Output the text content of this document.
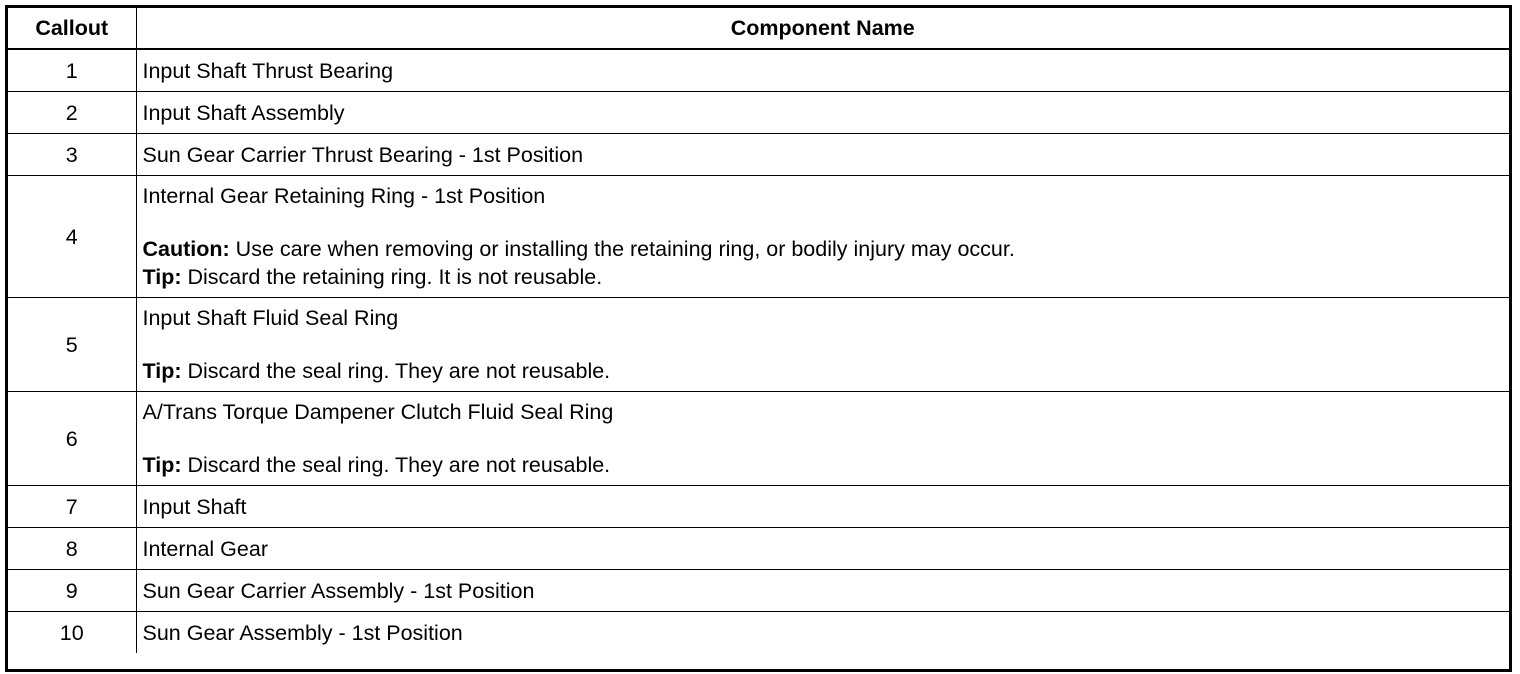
Callout	Component Name
1	Input Shaft Thrust Bearing
2	Input Shaft Assembly
3	Sun Gear Carrier Thrust Bearing - 1st Position
4	Internal Gear Retaining Ring - 1st Position
Caution: Use care when removing or installing the retaining ring, or bodily injury may occur.
Tip: Discard the retaining ring. It is not reusable.

5	Input Shaft Fluid Seal Ring
Tip: Discard the seal ring. They are not reusable.

6	A/Trans Torque Dampener Clutch Fluid Seal Ring
Tip: Discard the seal ring. They are not reusable.

7	Input Shaft
8	Internal Gear
9	Sun Gear Carrier Assembly - 1st Position
10	Sun Gear Assembly - 1st Position
